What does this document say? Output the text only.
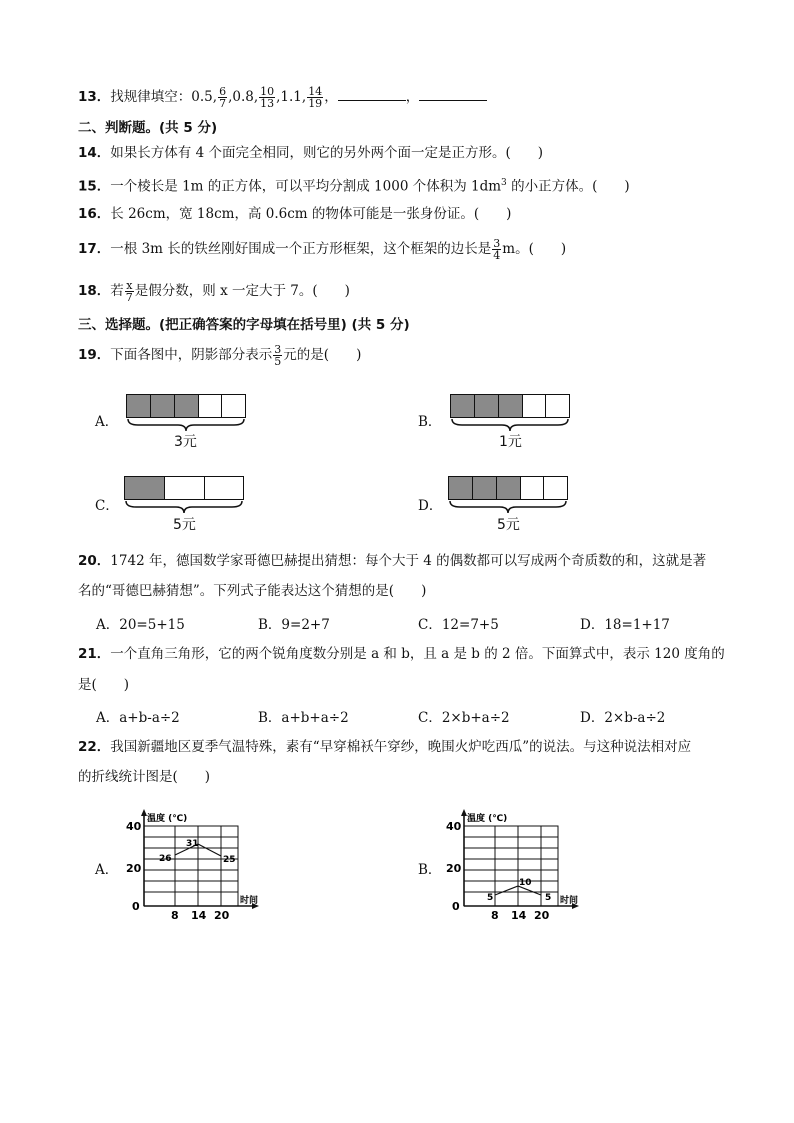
13．找规律填空：0.5, $\frac{6}{7} ,0.8$, $\frac{10}{13} ,1.1$, $\frac{14}{19}$ ，	，
二、判断题。(共 5 分)
14．如果长方体有 4 个面完全相同，则它的另外两个面一定是正方形。(　　)
15．一个棱长是 1m 的正方体，可以平均分割成 1000 个体积为 $1dm^3$ 的小正方体。(　　)
16．长 26cm，宽 18cm，高 0.6cm 的物体可能是一张身份证。(　　)
17．一根 3m 长的铁丝刚好围成一个正方形框架，这个框架的边长是 $\frac{3}{4}$ m。(　　)
18．若 $\frac{x}{7}$ 是假分数，则 x 一定大于 7。(　　)
三、选择题。(把正确答案的字母填在括号里) (共 5 分)
19．下面各图中，阴影部分表示 $\frac{3}{5}$ 元的是(　　)
A．
3元
B．
1元
C．
5元
D．
5元
20．1742 年，德国数学家哥德巴赫提出猜想：每个大于 4 的偶数都可以写成两个奇质数的和，这就是著
名的“哥德巴赫猜想”。下列式子能表达这个猜想的是(　　)
A．20=5+15	B．9=2+7	C．12=7+5	D．18=1+17
21．一个直角三角形，它的两个锐角度数分别是 a 和 b，且 a 是 b 的 2 倍。下面算式中，表示 120 度角的
是(　　)
A．a+b-a÷2	B．a+b+a÷2	C．2×b+a÷2	D．2×b-a÷2
22．我国新疆地区夏季气温特殊，素有“早穿棉袄午穿纱，晚围火炉吃西瓜”的说法。与这种说法相对应
的折线统计图是(　　)
A．
温度 (℃)
时间
40
20
0
8 14 20
26
31
25
B．
温度 (℃)
时间
40
20
0
8 14 20
5
10
5
